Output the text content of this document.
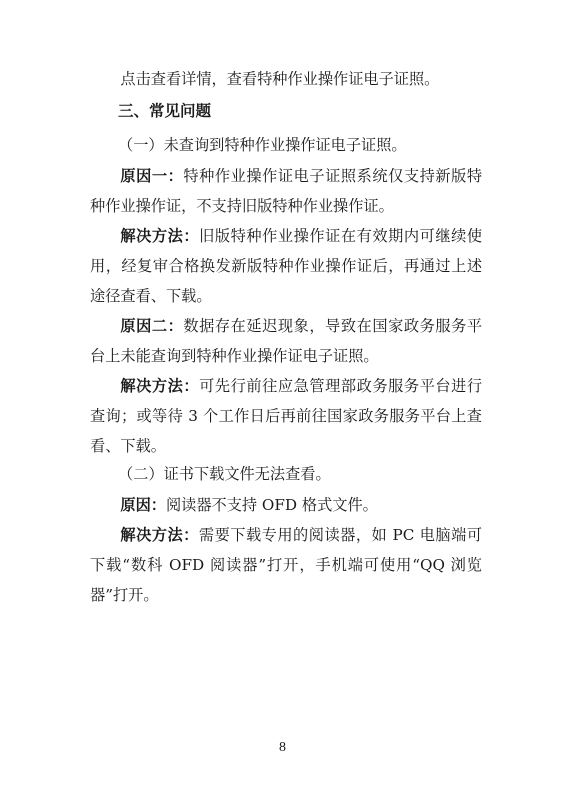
点击查看详情，查看特种作业操作证电子证照。

三、常见问题
（一）未查询到特种作业操作证电子证照。

原因一：特种作业操作证电子证照系统仅支持新版特种作业操作证，不支持旧版特种作业操作证。

解决方法：旧版特种作业操作证在有效期内可继续使用，经复审合格换发新版特种作业操作证后，再通过上述途径查看、下载。

原因二：数据存在延迟现象，导致在国家政务服务平台上未能查询到特种作业操作证电子证照。

解决方法：可先行前往应急管理部政务服务平台进行查询；或等待 3 个工作日后再前往国家政务服务平台上查看、下载。

（二）证书下载文件无法查看。

原因：阅读器不支持 OFD 格式文件。

解决方法：需要下载专用的阅读器，如 PC 电脑端可下载“数科 OFD 阅读器”打开，手机端可使用“QQ 浏览器”打开。

8
